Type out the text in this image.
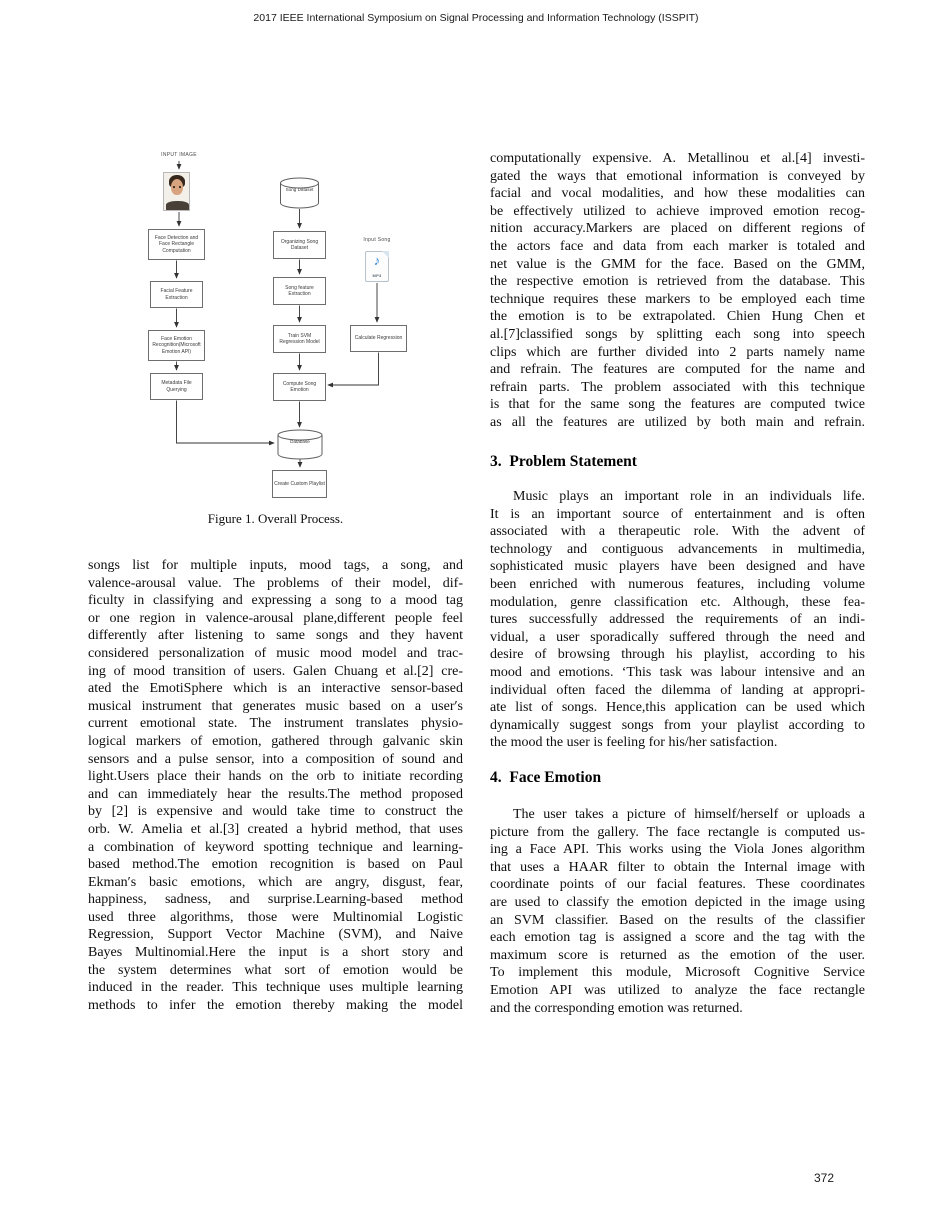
2017 IEEE International Symposium on Signal Processing and Information Technology (ISSPIT)
INPUT IMAGE
Face Detection and Face Rectangle Computation
Facial Feature Extraction
Face Emotion Recognition(Microsoft Emotion API)
Metadata File Querying
Song Dataset
Organizing Song Dataset
Song feature Extraction
Train SVM Regression Model
Compute Song Emotion
Database
Create Custom Playlist
Input Song
♪
MP3
Calculate Regression
Figure 1. Overall Process.
songs list for multiple inputs, mood tags, a song, and
valence-arousal value. The problems of their model, dif-
ficulty in classifying and expressing a song to a mood tag
or one region in valence-arousal plane,different people feel
differently after listening to same songs and they havent
considered personalization of music mood model and trac-
ing of mood transition of users. Galen Chuang et al.[2] cre-
ated the EmotiSphere which is an interactive sensor-based
musical instrument that generates music based on a user′s
current emotional state. The instrument translates physio-
logical markers of emotion, gathered through galvanic skin
sensors and a pulse sensor, into a composition of sound and
light.Users place their hands on the orb to initiate recording
and can immediately hear the results.The method proposed
by [2] is expensive and would take time to construct the
orb. W. Amelia et al.[3] created a hybrid method, that uses
a combination of keyword spotting technique and learning-
based method.The emotion recognition is based on Paul
Ekman′s basic emotions, which are angry, disgust, fear,
happiness, sadness, and surprise.Learning-based method
used three algorithms, those were Multinomial Logistic
Regression, Support Vector Machine (SVM), and Naive
Bayes Multinomial.Here the input is a short story and
the system determines what sort of emotion would be
induced in the reader. This technique uses multiple learning
methods to infer the emotion thereby making the model
computationally expensive. A. Metallinou et al.[4] investi-
gated the ways that emotional information is conveyed by
facial and vocal modalities, and how these modalities can
be effectively utilized to achieve improved emotion recog-
nition accuracy.Markers are placed on different regions of
the actors face and data from each marker is totaled and
net value is the GMM for the face. Based on the GMM,
the respective emotion is retrieved from the database. This
technique requires these markers to be employed each time
the emotion is to be extrapolated. Chien Hung Chen et
al.[7]classified songs by splitting each song into speech
clips which are further divided into 2 parts namely name
and refrain. The features are computed for the name and
refrain parts. The problem associated with this technique
is that for the same song the features are computed twice
as all the features are utilized by both main and refrain.
3.  Problem Statement
Music plays an important role in an individuals life.
It is an important source of entertainment and is often
associated with a therapeutic role. With the advent of
technology and contiguous advancements in multimedia,
sophisticated music players have been designed and have
been enriched with numerous features, including volume
modulation, genre classification etc. Although, these fea-
tures successfully addressed the requirements of an indi-
vidual, a user sporadically suffered through the need and
desire of browsing through his playlist, according to his
mood and emotions. ‘This task was labour intensive and an
individual often faced the dilemma of landing at appropri-
ate list of songs. Hence,this application can be used which
dynamically suggest songs from your playlist according to
the mood the user is feeling for his/her satisfaction.
4.  Face Emotion
The user takes a picture of himself/herself or uploads a
picture from the gallery. The face rectangle is computed us-
ing a Face API. This works using the Viola Jones algorithm
that uses a HAAR filter to obtain the Internal image with
coordinate points of our facial features. These coordinates
are used to classify the emotion depicted in the image using
an SVM classifier. Based on the results of the classifier
each emotion tag is assigned a score and the tag with the
maximum score is returned as the emotion of the user.
To implement this module, Microsoft Cognitive Service
Emotion API was utilized to analyze the face rectangle
and the corresponding emotion was returned.
372
